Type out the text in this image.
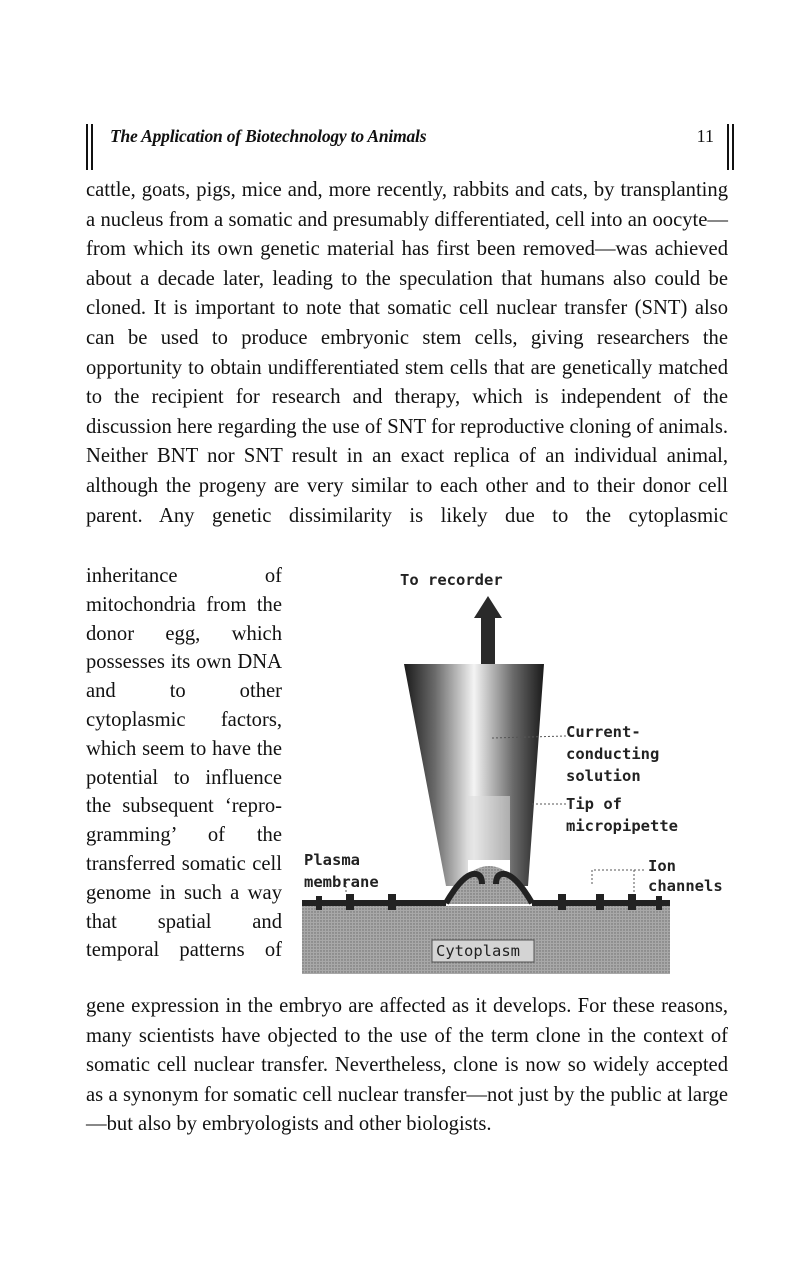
The Application of Biotechnology to Animals	11

cattle, goats, pigs, mice and, more recently, rabbits and cats, by transplanting a nucleus from a somatic and presumably differentiated, cell into an oocyte—from which its own genetic material has first been removed—was achieved about a decade later, leading to the speculation that humans also could be cloned. It is important to note that somatic cell nuclear transfer (SNT) also can be used to produce embryonic stem cells, giving researchers the opportunity to obtain undifferentiated stem cells that are genetically matched to the recipient for research and therapy, which is independent of the discussion here regarding the use of SNT for reproductive cloning of animals. Neither BNT nor SNT result in an exact replica of an individual animal, although the progeny are very similar to each other and to their donor cell parent. Any genetic dissimilarity is likely due to the cytoplasmic

inheritance of mitochondria from the donor egg, which possesses its own DNA and to other cytoplasmic factors, which seem to have the potential to influence the subsequent ‘repro-gramming’ of the transferred somatic cell genome in such a way that spatial and temporal patterns of

To recorder
Current-
conducting
solution
Tip of
micropipette
Plasma
membrane
Ion
channels
Cytoplasm

gene expression in the embryo are affected as it develops. For these reasons, many scientists have objected to the use of the term clone in the context of somatic cell nuclear transfer. Nevertheless, clone is now so widely accepted as a synonym for somatic cell nuclear transfer—not just by the public at large—but also by embryologists and other biologists.
